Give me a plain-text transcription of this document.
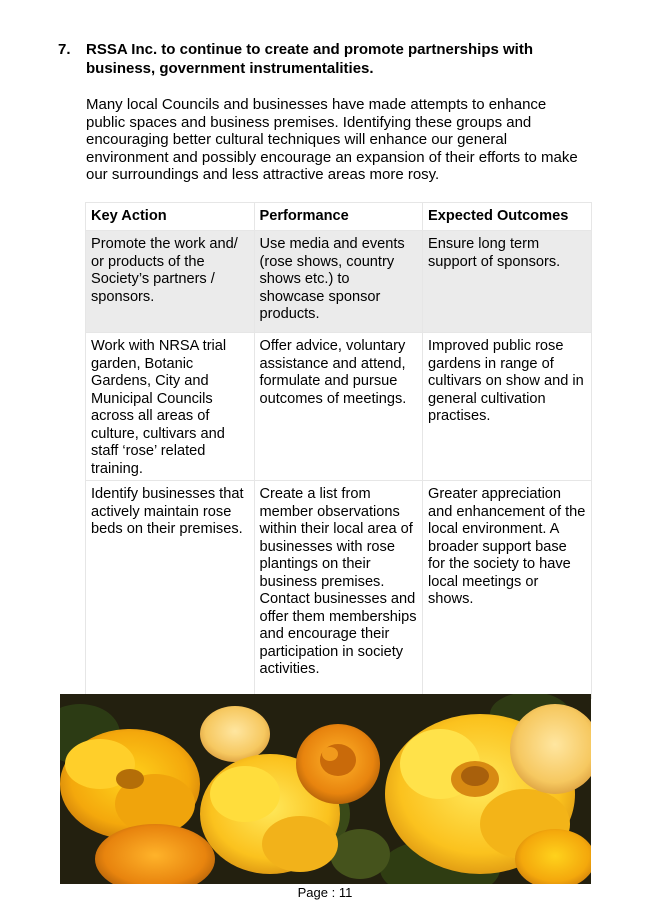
7. RSSA Inc. to continue to create and promote partnerships with business, government instrumentalities.
Many local Councils and businesses have made attempts to enhance public spaces and business premises. Identifying these groups and encouraging better cultural techniques will enhance our general environment and possibly encourage an expansion of their efforts to make our surroundings and less attractive areas more rosy.
Key Action	Performance	Expected Outcomes
Promote the work and/ or products of the Society’s partners / sponsors.	Use media and events (rose shows, country shows etc.) to showcase sponsor products.	Ensure long term support of sponsors.
Work with NRSA trial garden, Botanic Gardens, City and Municipal Councils across all areas of culture, cultivars and staff ‘rose’ related training.	Offer advice, voluntary assistance and attend, formulate and pursue outcomes of meetings.	Improved public rose gardens in range of cultivars on show and in general cultivation practises.
Identify businesses that actively maintain rose beds on their premises.	Create a list from member observations within their local area of businesses with rose plantings on their business premises. Contact businesses and offer them memberships and encourage their participation in society activities.	Greater appreciation and enhancement of the local environment. A broader support base for the society to have local meetings or shows.
Page : 11
